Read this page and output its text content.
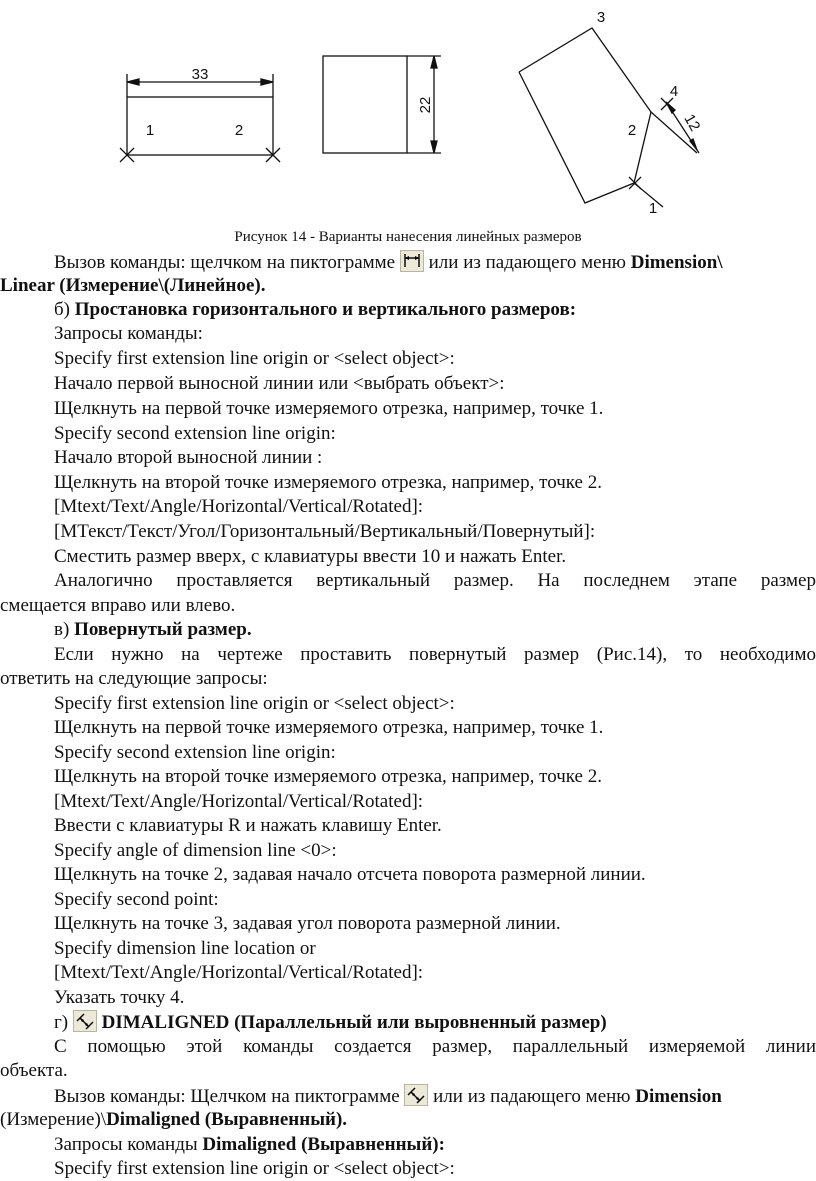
33
1	2
22
3
4
2	12
1
Рисунок 14 - Варианты нанесения линейных размеров
Вызов команды: щелчком на пиктограмме
или из падающего меню Dimension\
Linear (Измерение\(Линейное).
б) Простановка горизонтального и вертикального размеров:
Запросы команды:
Specify first extension line origin or <select object>:
Начало первой выносной линии или <выбрать объект>:
Щелкнуть на первой точке измеряемого отрезка, например, точке 1.
Specify second extension line origin:
Начало второй выносной линии :
Щелкнуть на второй точке измеряемого отрезка, например, точке 2.
[Mtext/Text/Angle/Horizontal/Vertical/Rotated]:
[МТекст/Текст/Угол/Горизонтальный/Вертикальный/Повернутый]:
Сместить размер вверх, с клавиатуры ввести 10 и нажать Enter.
Аналогично проставляется вертикальный размер. На последнем этапе размер
смещается вправо или влево.
в) Повернутый размер.
Если нужно на чертеже проставить повернутый размер (Рис.14), то необходимо
ответить на следующие запросы:
Specify first extension line origin or <select object>:
Щелкнуть на первой точке измеряемого отрезка, например, точке 1.
Specify second extension line origin:
Щелкнуть на второй точке измеряемого отрезка, например, точке 2.
[Mtext/Text/Angle/Horizontal/Vertical/Rotated]:
Ввести с клавиатуры R и нажать клавишу Enter.
Specify angle of dimension line <0>:
Щелкнуть на точке 2, задавая начало отсчета поворота размерной линии.
Specify second point:
Щелкнуть на точке 3, задавая угол поворота размерной линии.
Specify dimension line location or
[Mtext/Text/Angle/Horizontal/Vertical/Rotated]:
Указать точку 4.
г)
DIMALIGNED (Параллельный или выровненный размер)
С помощью этой команды создается размер, параллельный измеряемой линии
объекта.
Вызов команды: Щелчком на пиктограмме
или из падающего меню Dimension
(Измерение)\Dimaligned (Выравненный).
Запросы команды Dimaligned (Выравненный):
Specify first extension line origin or <select object>:
